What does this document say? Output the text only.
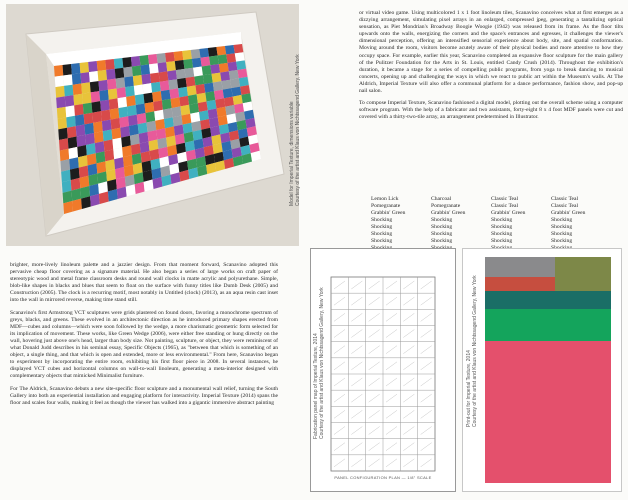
Model for Imperial Texture, dimensions variable
Courtesy of the artist and Klaus von Nichtssagend Gallery, New York

brighter, more-lively linoleum palette and a jazzier design. From that moment forward, Scanavino adopted this pervasive cheap floor covering as a signature material. He also began a series of large works on craft paper of stereotypic wood and metal frame classroom desks and round wall clocks in matte acrylic and polyurethane. Simple, blob-like shapes in blacks and blues that seem to float on the surface with funny titles like Dumb Desk (2005) and Construction (2005). The clock is a recurring motif, most notably in Untitled (clock) (2013), as an aqua resin cast inset into the wall in mirrored reverse, making time stand still.

Scanavino's first Armstrong VCT sculptures were grids plastered on found doors, favoring a monochrome spectrum of greys, blacks, and greens. These evolved in an architectonic direction as he introduced primary shapes erected from MDF—cubes and columns—which were soon followed by the wedge, a more charismatic geometric form selected for its implication of movement. These works, like Green Wedge (2006), were either free standing or hung directly on the wall, hovering just above one's head, larger than body size. Not painting, sculpture, or object, they were reminiscent of what Donald Judd describes in his seminal essay, Specific Objects (1965), as "between that which is something of an object, a single thing, and that which is open and extended, more or less environmental." From here, Scanavino began to experiment by incorporating the entire room, exhibiting his first floor piece in 2008. In several instances, he displayed VCT cubes and horizontal columns on wall-to-wall linoleum, generating a meta-interior designed with complementary objects that mimicked Minimalist furniture.

For The Aldrich, Scanavino debuts a new site-specific floor sculpture and a monumental wall relief, turning the South Gallery into both an experiential installation and engaging platform for interactivity. Imperial Texture (2014) spans the floor and scales four walls, making it feel as though the viewer has walked into a gigantic immersive abstract painting

or virtual video game. Using multicolored 1 x 1 foot linoleum tiles, Scanavino conceives what at first emerges as a dizzying arrangement, simulating pixel arrays in an enlarged, compressed jpeg, generating a tantalizing optical sensation, as Piet Mondrian's Broadway Boogie Woogie (1942) was released from its frame. As the floor tilts upwards onto the walls, energizing the corners and the space's entrances and egresses, it challenges the viewer's dimensional perception, offering an intensified sensorial experience about body, site, and spatial conformation. Moving around the room, visitors become acutely aware of their physical bodies and more attentive to how they occupy space. For example, earlier this year, Scanavino completed an expansive floor sculpture for the main gallery of the Pulitzer Foundation for the Arts in St. Louis, entitled Candy Crush (2014). Throughout the exhibition's duration, it became a stage for a series of compelling public programs, from yoga to break dancing to musical concerts, opening up and challenging the ways in which we react to public art within the Museum's walls. At The Aldrich, Imperial Texture will also offer a communal platform for a dance performance, fashion show, and pop-up nail salon.

To compose Imperial Texture, Scanavino fashioned a digital model, plotting out the overall scheme using a computer software program. With the help of a fabricator and two assistants, forty-eight 8 x 4 foot MDF panels were cut and covered with a thirty-two-tile array, an arrangement predetermined in Illustrator.

Lemon Lick	Charcoal	Classic Teal	Classic Teal
Pomegranate	Pomegranate	Classic Teal	Classic Teal
Grabbin' Green	Grabbin' Green	Grabbin' Green	Grabbin' Green
Shocking	Shocking	Shocking	Shocking
Shocking	Shocking	Shocking	Shocking
Shocking	Shocking	Shocking	Shocking
Shocking	Shocking	Shocking	Shocking
Fabrication panel map of Imperial Texture, 2014
Courtesy of the artist and Klaus von Nichtssagend Gallery, New York
PANEL CONFIGURATION PLAN — 1/8" SCALE
Print-out for Imperial Texture, 2014
Courtesy of the artist and Klaus von Nichtssagend Gallery, New York
